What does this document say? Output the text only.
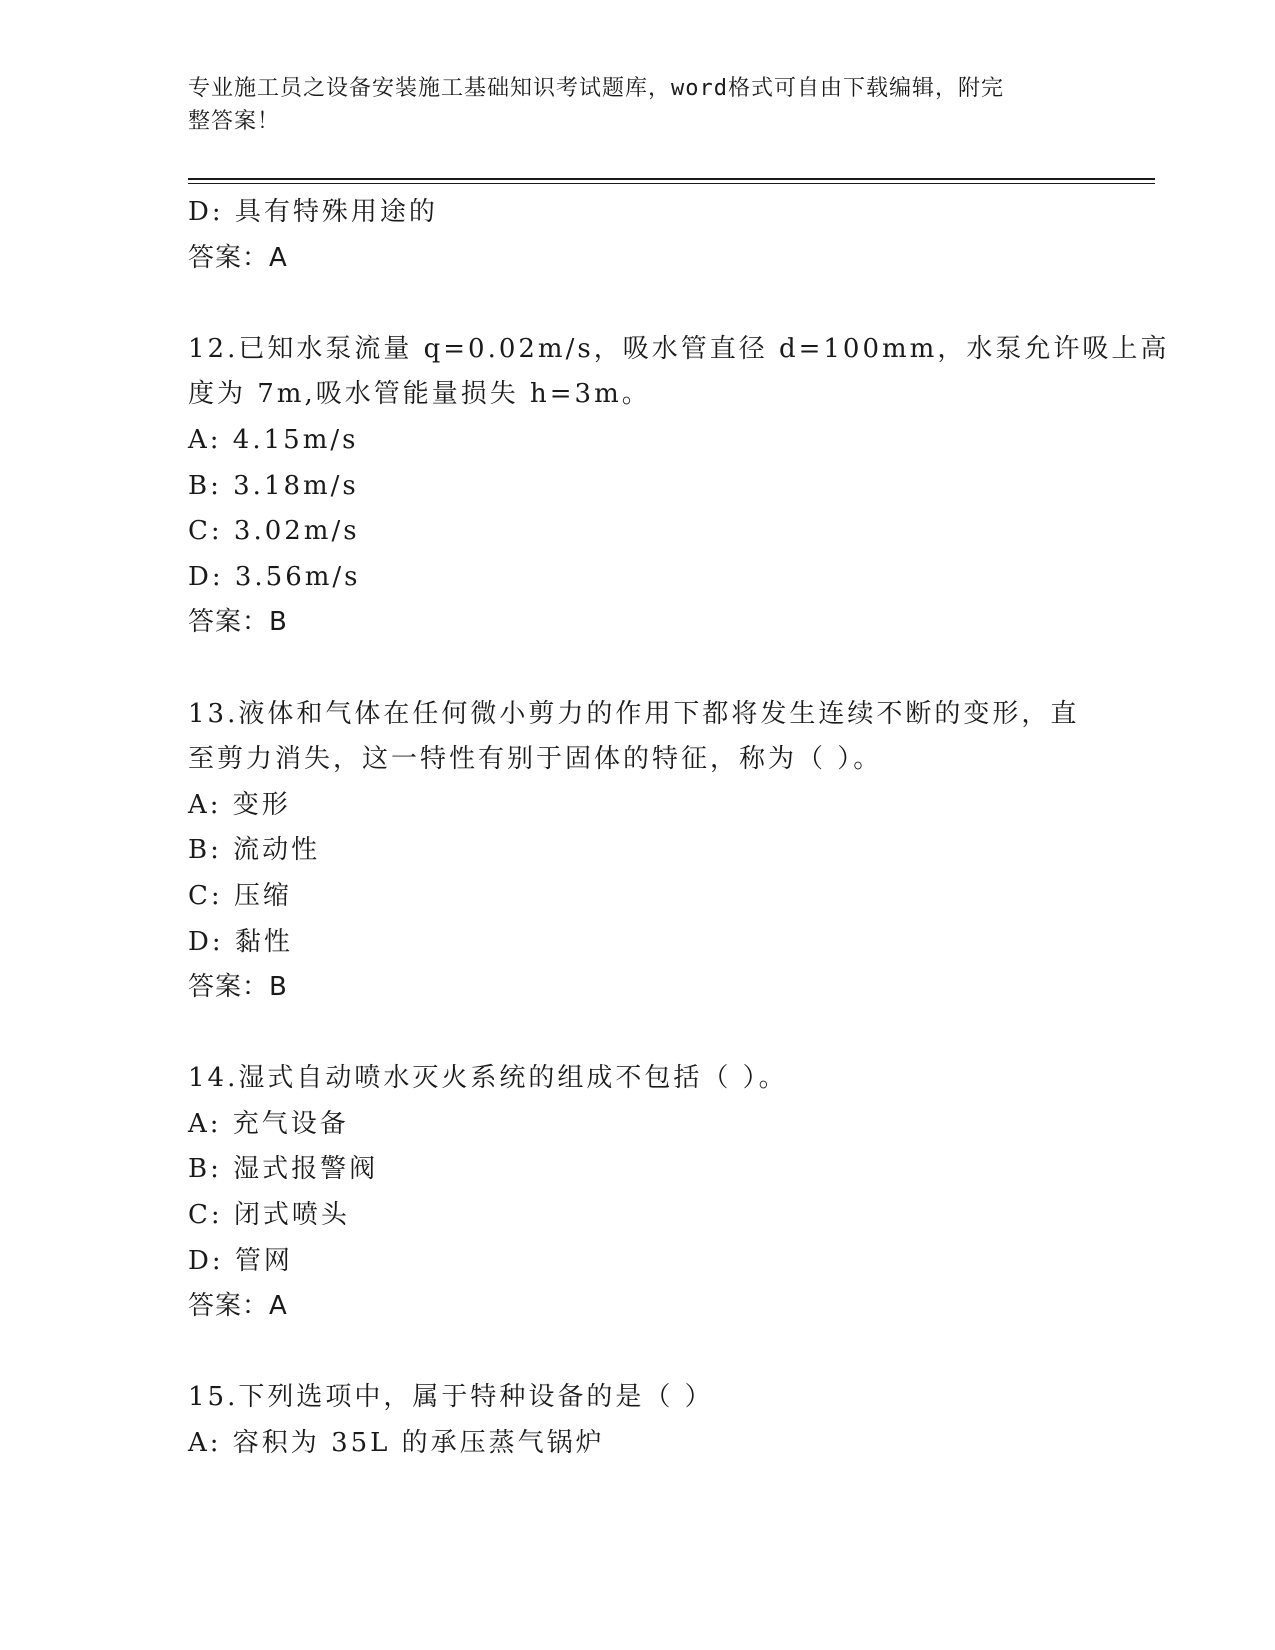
专业施工员之设备安装施工基础知识考试题库，word格式可自由下载编辑，附完
整答案！
D: 具有特殊用途的
答案：A
12.已知水泵流量 q=0.02m/s，吸水管直径 d=100mm，水泵允许吸上高
度为 7m,吸水管能量损失 h=3m。
A: 4.15m/s
B: 3.18m/s
C: 3.02m/s
D: 3.56m/s
答案：B
13.液体和气体在任何微小剪力的作用下都将发生连续不断的变形，直
至剪力消失，这一特性有别于固体的特征，称为（ ）。
A: 变形
B: 流动性
C: 压缩
D: 黏性
答案：B
14.湿式自动喷水灭火系统的组成不包括（ ）。
A: 充气设备
B: 湿式报警阀
C: 闭式喷头
D: 管网
答案：A
15.下列选项中，属于特种设备的是（ ）
A: 容积为 35L 的承压蒸气锅炉
